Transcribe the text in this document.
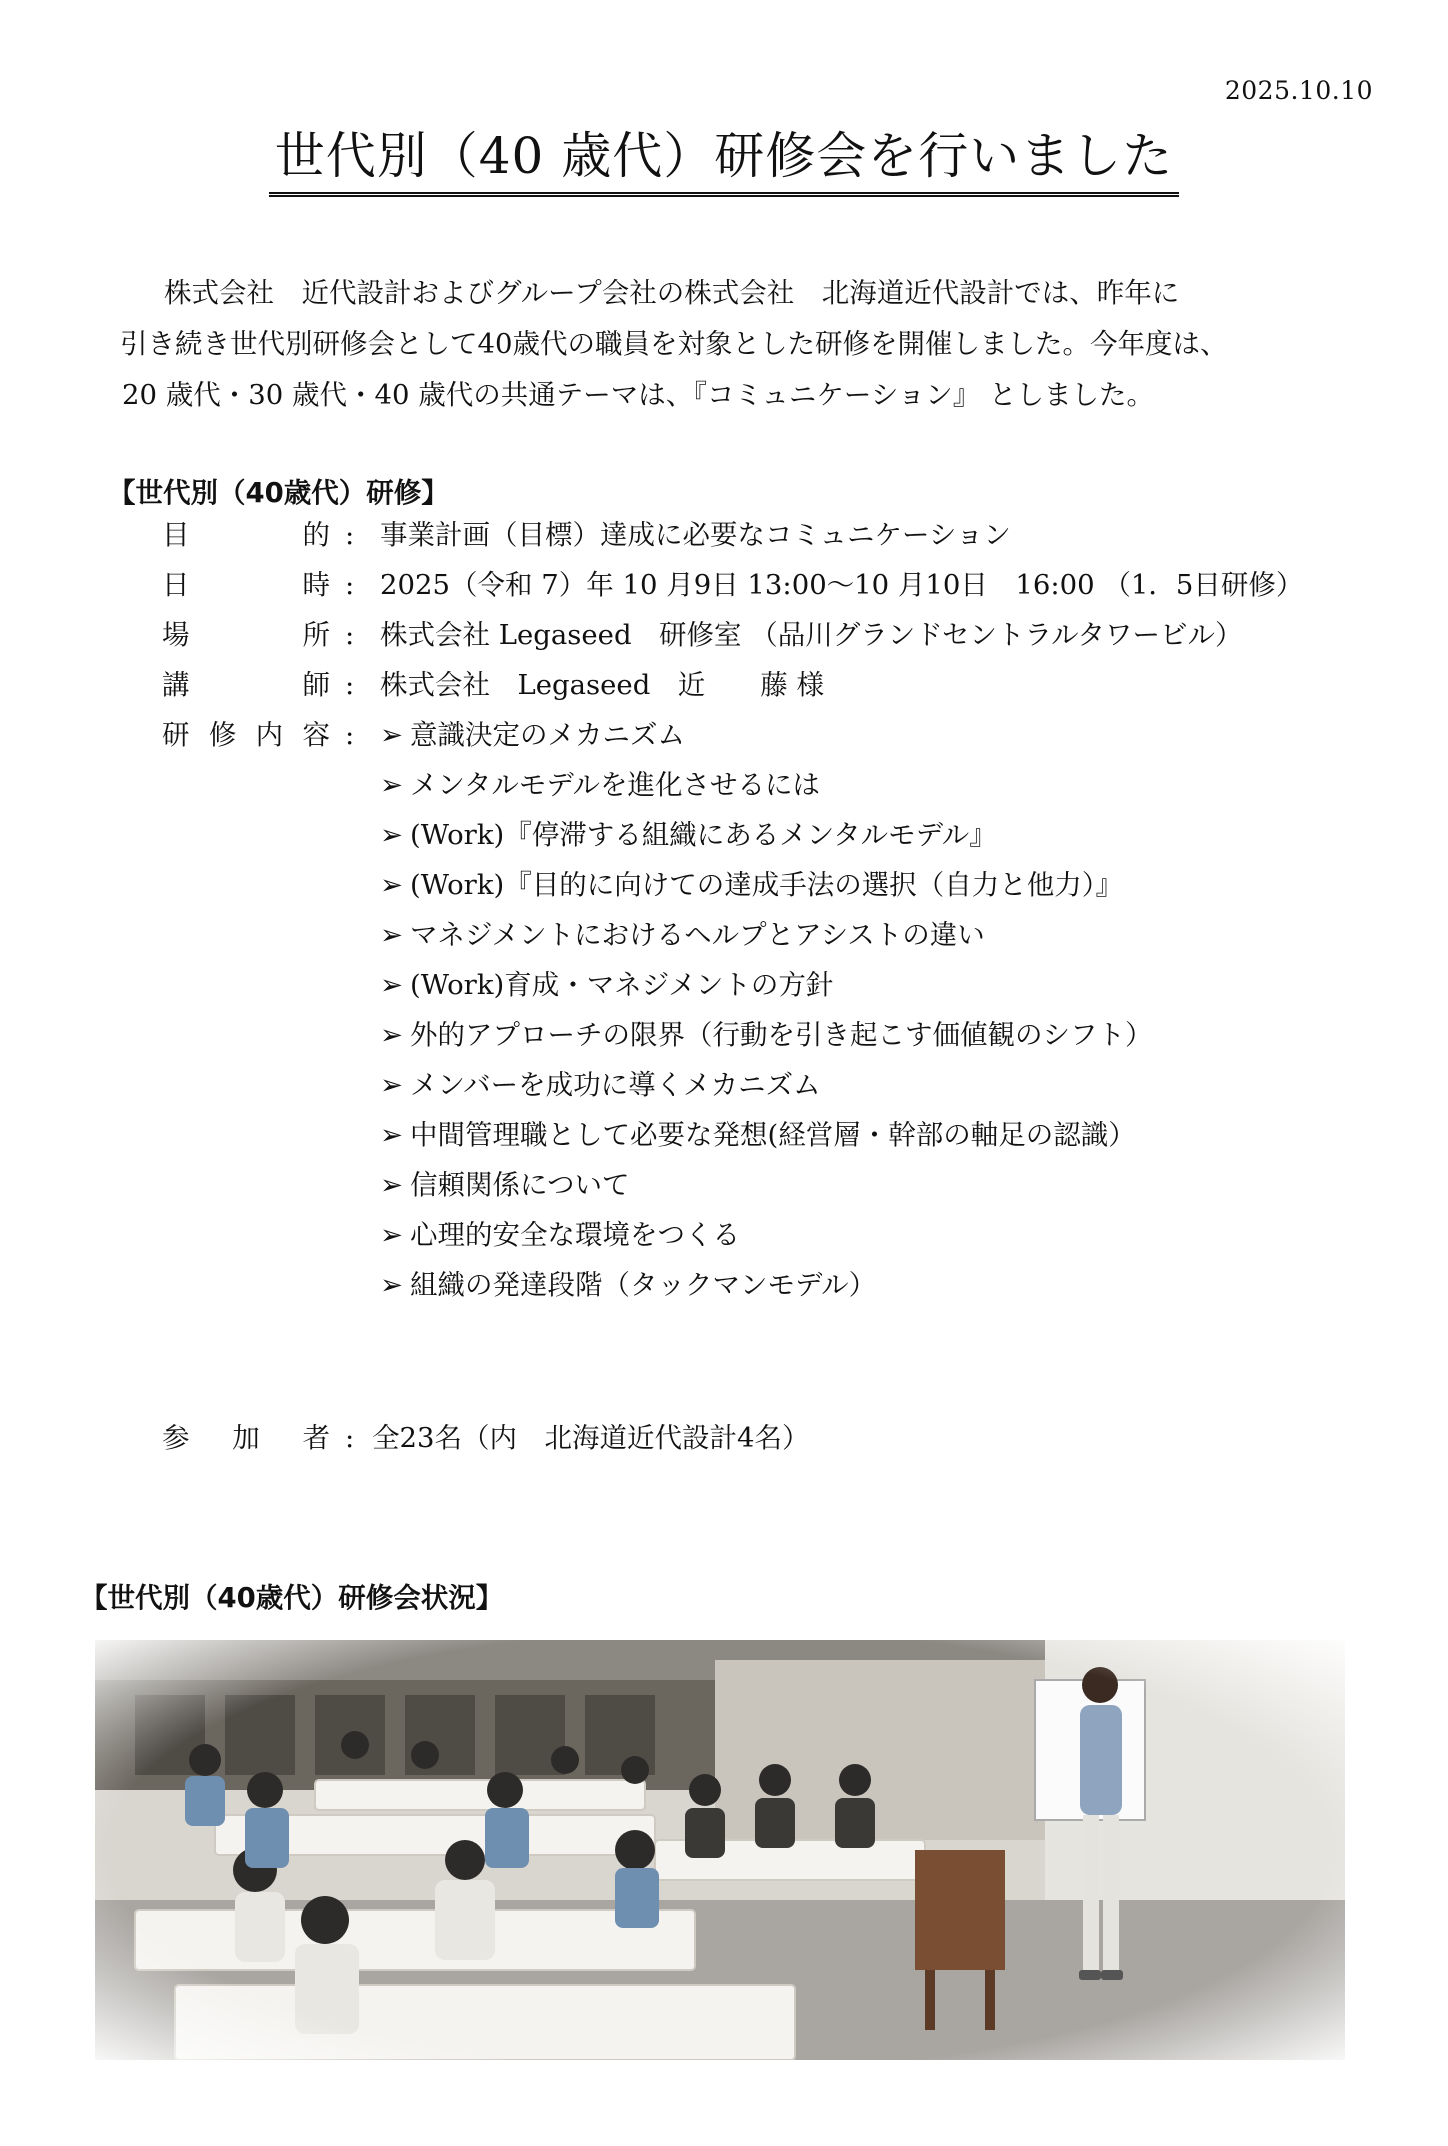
2025.10.10
世代別（40 歳代）研修会を行いました

株式会社　近代設計およびグループ会社の株式会社　北海道近代設計では、昨年に

引き続き世代別研修会として40歳代の職員を対象とした研修を開催しました。今年度は、

20 歳代・30 歳代・40 歳代の共通テーマは、『コミュニケーション』 としました。

【世代別（40歳代）研修】
目	的 : 事業計画（目標）達成に必要なコミュニケーション
日	時 : 2025（令和 7）年 10 月9日 13:00～10 月10日　16:00 （1．5日研修）
場	所 : 株式会社 Legaseed　研修室 （品川グランドセントラルタワービル）
講	師 : 株式会社　Legaseed　近　　藤 様
研 修 内 容 : ➢ 意識決定のメカニズム
➢ メンタルモデルを進化させるには
➢ (Work)『停滞する組織にあるメンタルモデル』
➢ (Work)『目的に向けての達成手法の選択（自力と他力）』
➢ マネジメントにおけるヘルプとアシストの違い
➢ (Work)育成・マネジメントの方針
➢ 外的アプローチの限界（行動を引き起こす価値観のシフト）
➢ メンバーを成功に導くメカニズム
➢ 中間管理職として必要な発想(経営層・幹部の軸足の認識）
➢ 信頼関係について
➢ 心理的安全な環境をつくる
➢ 組織の発達段階（タックマンモデル）
参 加 者 : 全23名（内　北海道近代設計4名）
【世代別（40歳代）研修会状況】
